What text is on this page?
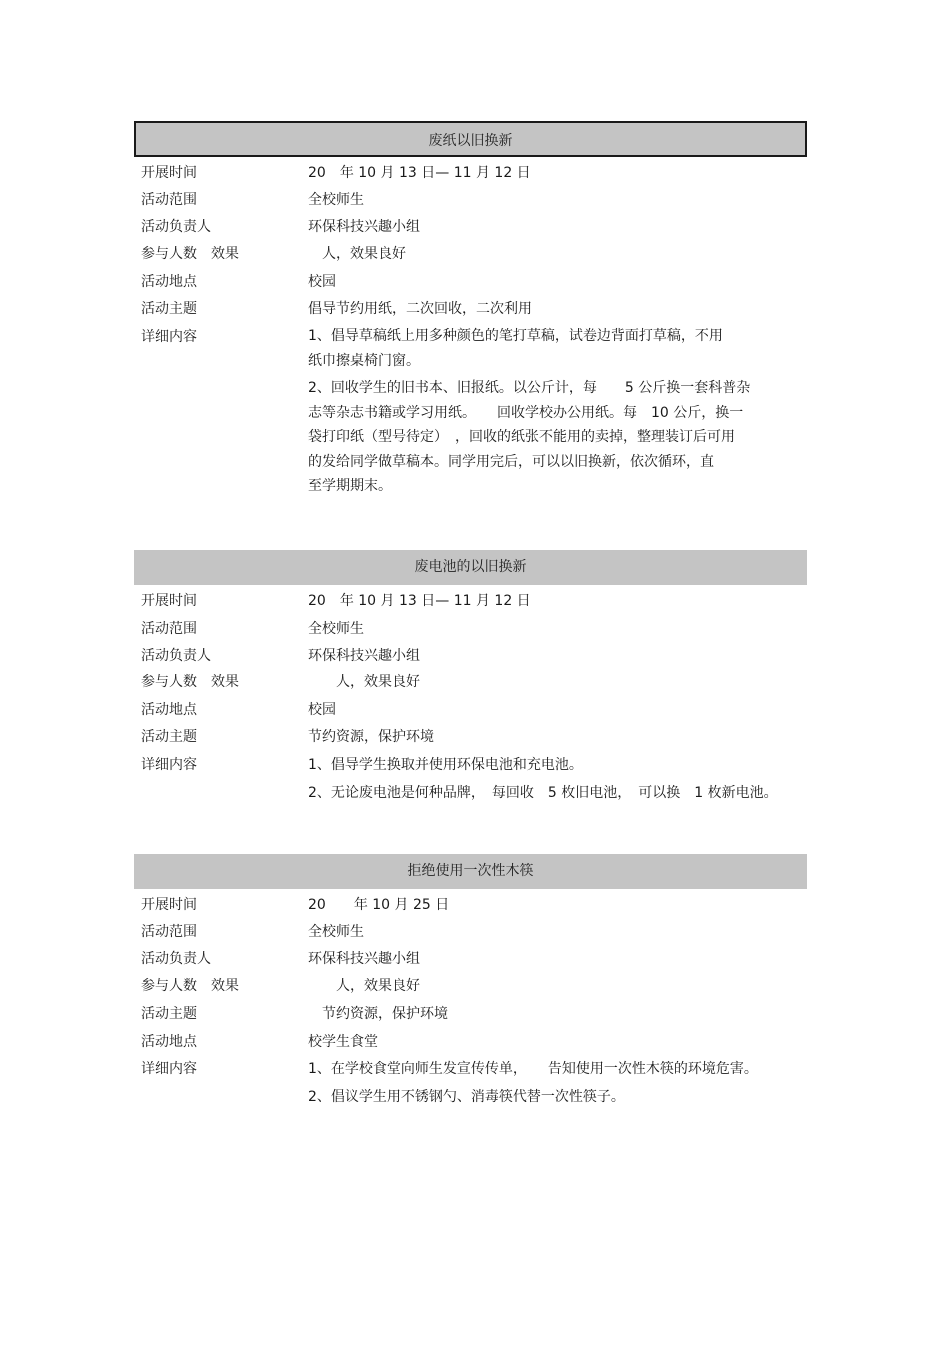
废纸以旧换新
开展时间	20　年 10 月 13 日— 11 月 12 日
活动范围	全校师生
活动负责人	环保科技兴趣小组
参与人数　效果	　人，效果良好
活动地点	校园
活动主题	倡导节约用纸，二次回收，二次利用
详细内容	1、倡导草稿纸上用多种颜色的笔打草稿，试卷边背面打草稿，不用
纸巾擦桌椅门窗。
2、回收学生的旧书本、旧报纸。以公斤计，每　　5 公斤换一套科普杂
志等杂志书籍或学习用纸。　　回收学校办公用纸。每　10 公斤，换一
袋打印纸（型号待定）　，回收的纸张不能用的卖掉，整理装订后可用
的发给同学做草稿本。同学用完后，可以以旧换新，依次循环，直
至学期期末。
废电池的以旧换新
开展时间	20　年 10 月 13 日— 11 月 12 日
活动范围	全校师生
活动负责人	环保科技兴趣小组
参与人数　效果	　　人，效果良好
活动地点	校园
活动主题	节约资源，保护环境
详细内容	1、倡导学生换取并使用环保电池和充电池。
2、无论废电池是何种品牌，　每回收　5 枚旧电池，　可以换　1 枚新电池。
拒绝使用一次性木筷
开展时间	20　　年 10 月 25 日
活动范围	全校师生
活动负责人	环保科技兴趣小组
参与人数　效果	　　人，效果良好
活动主题	　节约资源，保护环境
活动地点	校学生食堂
详细内容	1、在学校食堂向师生发宣传传单，　　告知使用一次性木筷的环境危害。
2、倡议学生用不锈钢勺、消毒筷代替一次性筷子。
